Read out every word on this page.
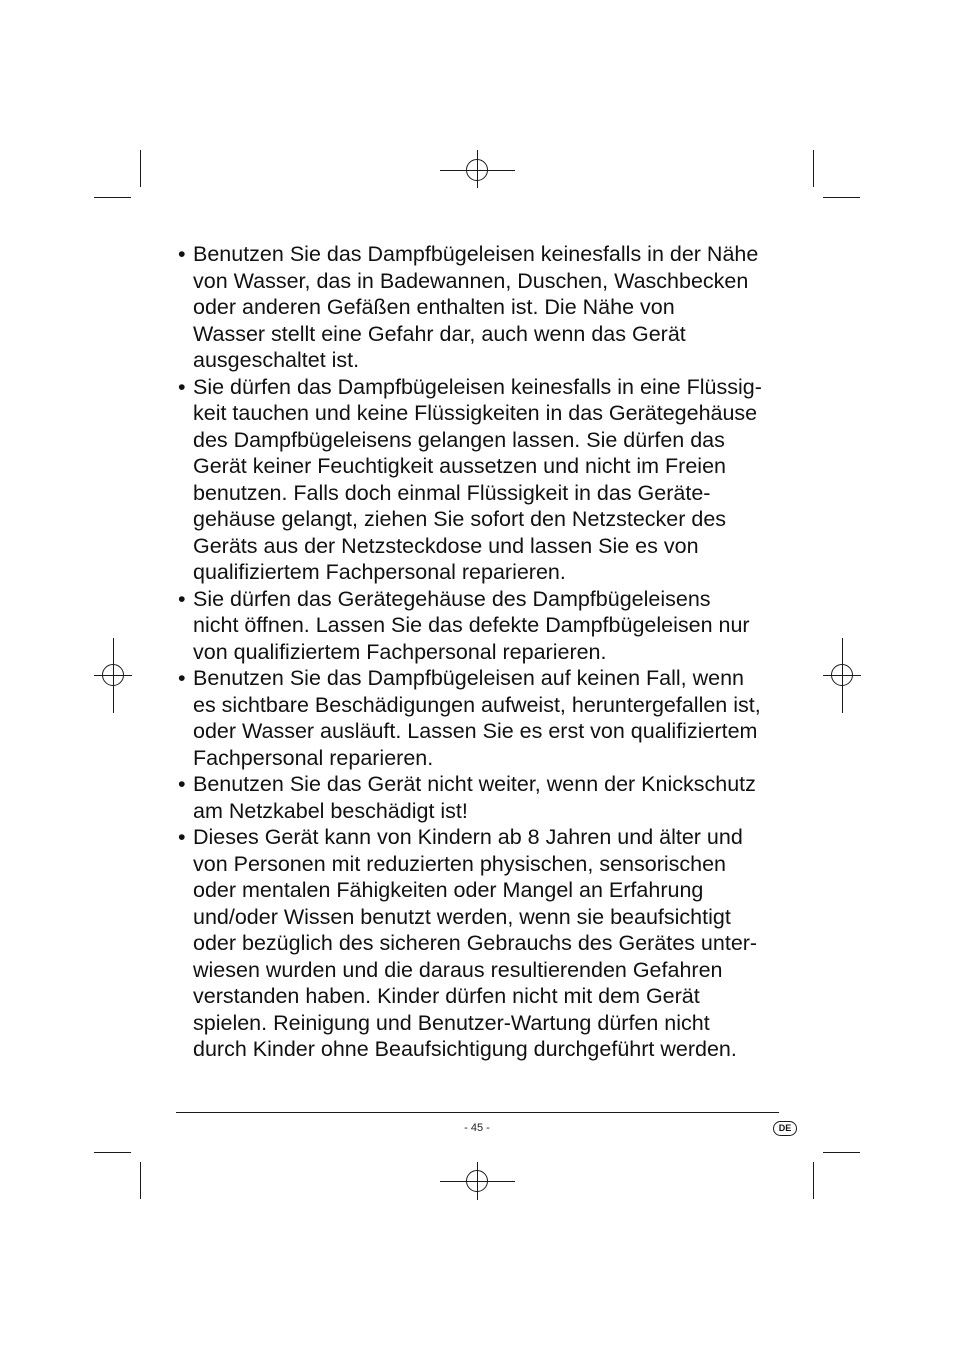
• Benutzen Sie das Dampfbügeleisen keinesfalls in der Nähe
von Wasser, das in Badewannen, Duschen, Waschbecken
oder anderen Gefäßen enthalten ist. Die Nähe von
Wasser stellt eine Gefahr dar, auch wenn das Gerät
ausgeschaltet ist.
• Sie dürfen das Dampfbügeleisen keinesfalls in eine Flüssig-
keit tauchen und keine Flüssigkeiten in das Gerätegehäuse
des Dampfbügeleisens gelangen lassen. Sie dürfen das
Gerät keiner Feuchtigkeit aussetzen und nicht im Freien
benutzen. Falls doch einmal Flüssigkeit in das Geräte-
gehäuse gelangt, ziehen Sie sofort den Netzstecker des
Geräts aus der Netzsteckdose und lassen Sie es von
qualifiziertem Fachpersonal reparieren.
• Sie dürfen das Gerätegehäuse des Dampfbügeleisens
nicht öffnen. Lassen Sie das defekte Dampfbügeleisen nur
von qualifiziertem Fachpersonal reparieren.
• Benutzen Sie das Dampfbügeleisen auf keinen Fall, wenn
es sichtbare Beschädigungen aufweist, heruntergefallen ist,
oder Wasser ausläuft. Lassen Sie es erst von qualifiziertem
Fachpersonal reparieren.
• Benutzen Sie das Gerät nicht weiter, wenn der Knickschutz
am Netzkabel beschädigt ist!
• Dieses Gerät kann von Kindern ab 8 Jahren und älter und
von Personen mit reduzierten physischen, sensorischen
oder mentalen Fähigkeiten oder Mangel an Erfahrung
und/oder Wissen benutzt werden, wenn sie beaufsichtigt
oder bezüglich des sicheren Gebrauchs des Gerätes unter-
wiesen wurden und die daraus resultierenden Gefahren
verstanden haben. Kinder dürfen nicht mit dem Gerät
spielen. Reinigung und Benutzer-Wartung dürfen nicht
durch Kinder ohne Beaufsichtigung durchgeführt werden.
- 45 -	DE
